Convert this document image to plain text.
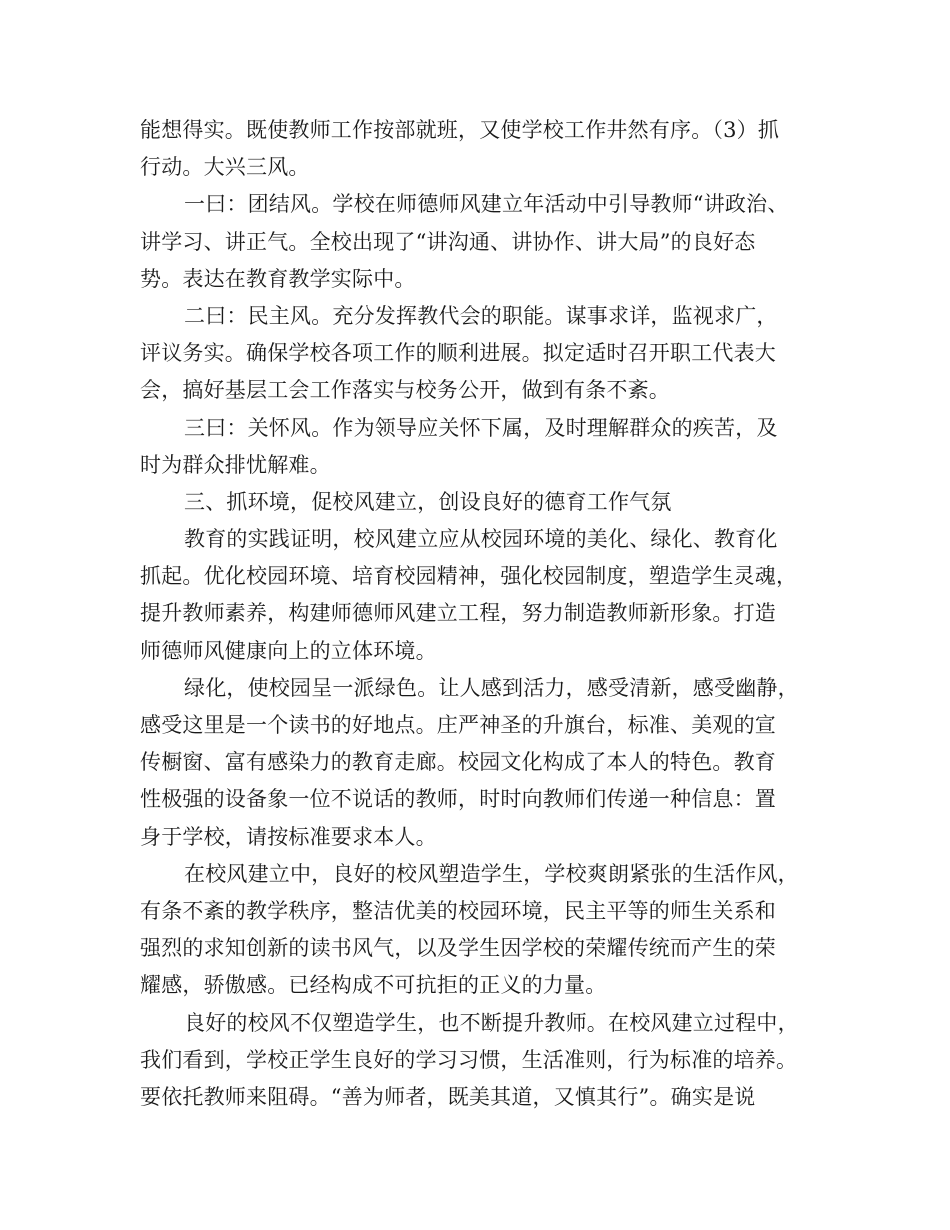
能想得实。既使教师工作按部就班，又使学校工作井然有序。（3）抓
行动。大兴三风。
一曰：团结风。学校在师德师风建立年活动中引导教师“讲政治、
讲学习、讲正气。全校出现了“讲沟通、讲协作、讲大局”的良好态
势。表达在教育教学实际中。
二曰：民主风。充分发挥教代会的职能。谋事求详，监视求广，
评议务实。确保学校各项工作的顺利进展。拟定适时召开职工代表大
会，搞好基层工会工作落实与校务公开，做到有条不紊。
三曰：关怀风。作为领导应关怀下属，及时理解群众的疾苦，及
时为群众排忧解难。
三、抓环境，促校风建立，创设良好的德育工作气氛
教育的实践证明，校风建立应从校园环境的美化、绿化、教育化
抓起。优化校园环境、培育校园精神，强化校园制度，塑造学生灵魂，
提升教师素养，构建师德师风建立工程，努力制造教师新形象。打造
师德师风健康向上的立体环境。
绿化，使校园呈一派绿色。让人感到活力，感受清新，感受幽静，
感受这里是一个读书的好地点。庄严神圣的升旗台，标准、美观的宣
传橱窗、富有感染力的教育走廊。校园文化构成了本人的特色。教育
性极强的设备象一位不说话的教师，时时向教师们传递一种信息：置
身于学校，请按标准要求本人。
在校风建立中，良好的校风塑造学生，学校爽朗紧张的生活作风，
有条不紊的教学秩序，整洁优美的校园环境，民主平等的师生关系和
强烈的求知创新的读书风气，以及学生因学校的荣耀传统而产生的荣
耀感，骄傲感。已经构成不可抗拒的正义的力量。
良好的校风不仅塑造学生，也不断提升教师。在校风建立过程中，
我们看到，学校正学生良好的学习习惯，生活准则，行为标准的培养。
要依托教师来阻碍。“善为师者，既美其道，又慎其行”。确实是说
